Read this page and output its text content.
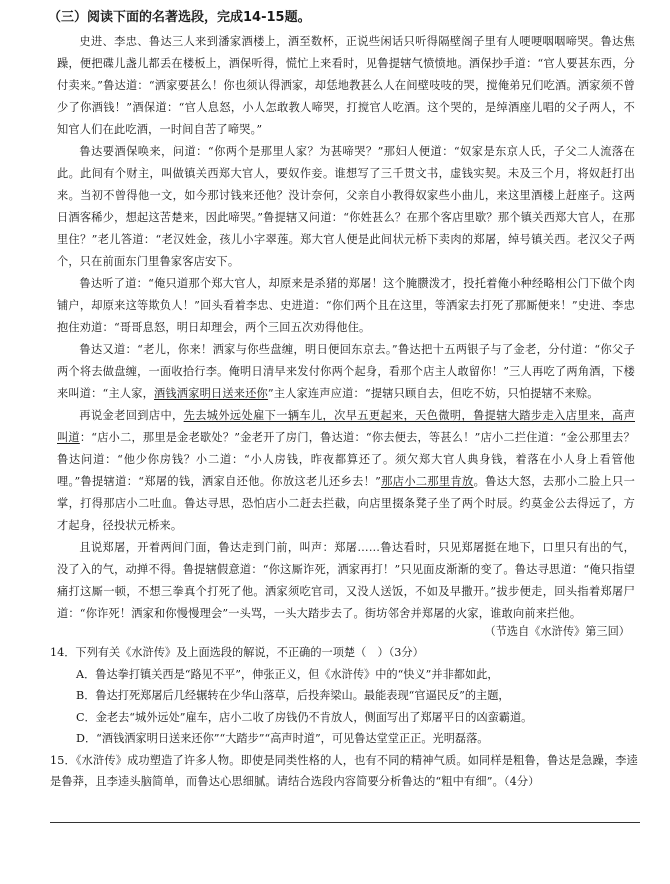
（三）阅读下面的名著选段，完成14-15题。

史进、李忠、鲁达三人来到潘家酒楼上，酒至数杯，正说些闲话只听得隔壁阁子里有人哽哽咽咽啼哭。鲁达焦躁，便把碟儿盏儿都丢在楼板上，酒保听得，慌忙上来看时，见鲁提辖气愤愤地。酒保抄手道：“官人要甚东西，分付卖来。”鲁达道：“洒家要甚么！你也须认得洒家，却恁地教甚么人在间壁吱吱的哭，搅俺弟兄们吃酒。洒家须不曾少了你酒钱！”酒保道：“官人息怒，小人怎敢教人啼哭，打搅官人吃酒。这个哭的，是绰酒座儿唱的父子两人，不知官人们在此吃酒，一时间自苦了啼哭。”

鲁达要酒保唤来，问道：“你两个是那里人家？为甚啼哭？”那妇人便道：“奴家是东京人氏，子父二人流落在此。此间有个财主，叫做镇关西郑大官人，要奴作妾。谁想写了三千贯文书，虚钱实契。未及三个月，将奴赶打出来。当初不曾得他一文，如今那讨钱来还他？没计奈何，父亲自小教得奴家些小曲儿，来这里酒楼上赶座子。这两日酒客稀少，想起这苦楚来，因此啼哭。”鲁提辖又问道：“你姓甚么？在那个客店里歇？那个镇关西郑大官人，在那里住？”老儿答道：“老汉姓金，孩儿小字翠莲。郑大官人便是此间状元桥下卖肉的郑屠，绰号镇关西。老汉父子两个，只在前面东门里鲁家客店安下。

鲁达听了道：“俺只道那个郑大官人，却原来是杀猪的郑屠！这个腌臜泼才，投托着俺小种经略相公门下做个肉铺户，却原来这等欺负人！”回头看着李忠、史进道：“你们两个且在这里，等洒家去打死了那厮便来！”史进、李忠抱住劝道：“哥哥息怒，明日却理会，两个三回五次劝得他住。

鲁达又道：“老儿，你来！洒家与你些盘缠，明日便回东京去。”鲁达把十五两银子与了金老，分付道：“你父子两个将去做盘缠，一面收拾行李。俺明日清早来发付你两个起身，看那个店主人敢留你！”三人再吃了两角酒，下楼来叫道：“主人家，酒钱洒家明日送来还你”主人家连声应道：“提辖只顾自去，但吃不妨，只怕提辖不来赊。

再说金老回到店中，先去城外远处雇下一辆车儿，次早五更起来，天色微明，鲁提辖大踏步走入店里来，高声叫道：“店小二，那里是金老歇处？”金老开了房门，鲁达道：“你去便去，等甚么！”店小二拦住道：“金公那里去？鲁达问道：“他少你房钱？小二道：“小人房钱，昨夜都算还了。须欠郑大官人典身钱，着落在小人身上看管他哩。”鲁提辖道：“郑屠的钱，洒家自还他。你放这老儿还乡去！”那店小二那里肯放。鲁达大怒，去那小二脸上只一掌，打得那店小二吐血。鲁达寻思，恐怕店小二赶去拦截，向店里掇条凳子坐了两个时辰。约莫金公去得远了，方才起身，径投状元桥来。

且说郑屠，开着两间门面，鲁达走到门前，叫声：郑屠……鲁达看时，只见郑屠挺在地下，口里只有出的气，没了入的气，动掸不得。鲁提辖假意道：“你这厮诈死，洒家再打！”只见面皮渐渐的变了。鲁达寻思道：“俺只指望痛打这厮一顿，不想三拳真个打死了他。洒家须吃官司，又没人送饭，不如及早撒开。”拔步便走，回头指着郑屠尸道：“你诈死！洒家和你慢慢理会”一头骂，一头大踏步去了。街坊邻舍并郑屠的火家，谁敢向前来拦他。

（节选自《水浒传》第三回）
14．下列有关《水浒传》及上面选段的解说，不正确的一项楚（　）（3分）
A．鲁达拳打镇关西是“路见不平”，伸张正义，但《水浒传》中的“快义”并非都如此，
B．鲁达打死郑屠后几经辗转在少华山落草，后投奔梁山。最能表现“官逼民反”的主题，
C．金老去“城外远处”雇车，店小二收了房钱仍不肯放人，侧面写出了郑屠平日的凶蛮霸道。
D．“酒钱洒家明日送来还你”“大踏步”“高声时道”，可见鲁达堂堂正正。光明磊落。
15．《水浒传》成功塑造了许多人物。即使是同类性格的人，也有不同的精神气质。如同样是粗鲁，鲁达是急躁，李逵是鲁莽，且李逵头脑简单，而鲁达心思细腻。请结合选段内容简要分析鲁达的“粗中有细”。（4分）
